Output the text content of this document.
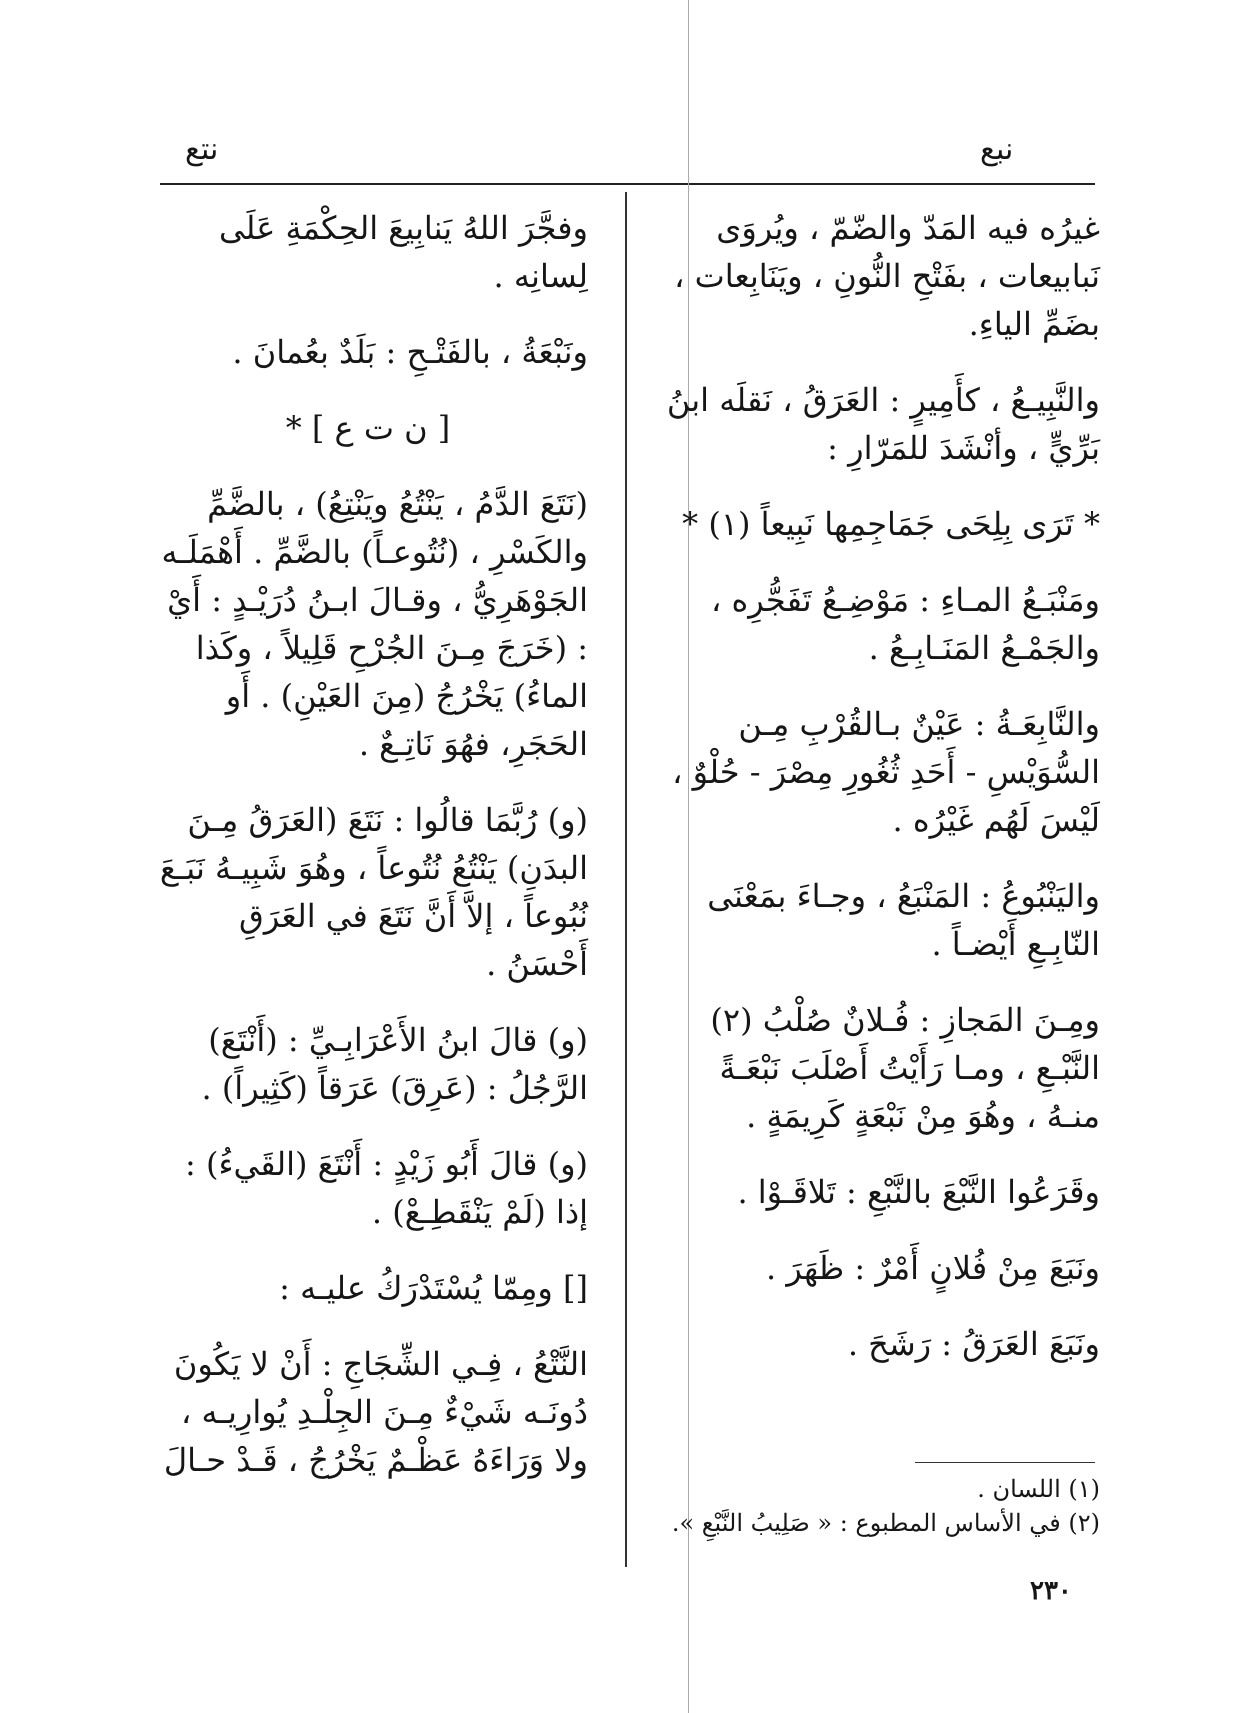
نبع
نتع

غيرُه فيه المَدّ والضّمّ ، ويُروَى نَبابيعات ، بفَتْحِ النُّونِ ، ويَنَابِعات ، بضَمِّ الياءِ.

والنَّبِيـعُ ، كأَمِيرٍ : العَرَقُ ، نَقلَه ابنُ بَرِّيٍّ ، وأنْشَدَ للمَرّارِ :

* تَرَى بِلِحَى جَمَاجِمِها نَبِيعاً (١) *

ومَنْبَـعُ المـاءِ : مَوْضِـعُ تَفَجُّرِه ، والجَمْـعُ المَنَـابِـعُ .

والنَّابِعَـةُ : عَيْنٌ بـالقُرْبِ مِـن السُّوَيْسِ - أَحَدِ ثُغُورِ مِصْرَ - حُلْوٌ ، لَيْسَ لَهُم غَيْرُه .

واليَنْبُوعُ : المَنْبَعُ ، وجـاءَ بمَعْنَى النّابِـعِ أَيْضـاً .

ومِـنَ المَجازِ : فُـلانٌ صُلْبُ (٢) النَّبْـعِ ، ومـا رَأَيْتُ أَصْلَبَ نَبْعَـةً منـهُ ، وهُوَ مِنْ نَبْعَةٍ كَرِيمَةٍ .

وقَرَعُوا النَّبْعَ بالنَّبْعِ : تَلاقَـوْا .

ونَبَعَ مِنْ فُلانٍ أَمْرٌ : ظَهَرَ .

ونَبَعَ العَرَقُ : رَشَحَ .

وفجَّرَ اللهُ يَنابِيعَ الحِكْمَةِ عَلَى لِسانِه .

ونَبْعَةُ ، بالفَتْـحِ : بَلَدٌ بعُمانَ .

[ ن ت ع ] *

(نَتَعَ الدَّمُ ، يَنْتُعُ ويَنْتِعُ) ، بالضَّمِّ والكَسْرِ ، (نُتُوعـاً) بالضَّمِّ . أَهْمَلَـه الجَوْهَرِيُّ ، وقـالَ ابـنُ دُرَيْـدٍ : أَيْ : (خَرَجَ مِـنَ الجُرْحِ قَلِيلاً ، وكَذا الماءُ) يَخْرُجُ (مِنَ العَيْنِ) . أَو الحَجَرِ، فهُوَ نَاتِـعٌ .

(و) رُبَّمَا قالُوا : نَتَعَ (العَرَقُ مِـنَ البدَنِ) يَنْتُعُ نُتُوعاً ، وهُوَ شَبِيـهُ نَبَـعَ نُبُوعاً ، إلاَّ أَنَّ نَتَعَ في العَرَقِ أَحْسَنُ .

(و) قالَ ابنُ الأَعْرَابِـيِّ : (أَنْتَعَ) الرَّجُلُ : (عَرِقَ) عَرَقاً (كَثِيراً) .

(و) قالَ أَبُو زَيْدٍ : أَنْتَعَ (القَيءُ) : إذا (لَمْ يَنْقَطِـعْ) .

[] ومِمّا يُسْتَدْرَكُ عليـه :

النَّتْعُ ، فِـي الشِّجَاجِ : أَنْ لا يَكُونَ دُونَـه شَيْءٌ مِـنَ الجِلْـدِ يُوارِيـه ، ولا وَرَاءَهُ عَظْـمٌ يَخْرُجُ ، قَـدْ حـالَ

(١) اللسان .

(٢) في الأساس المطبوع : « صَلِيبُ النَّبْعِ ».

٢٣٠
